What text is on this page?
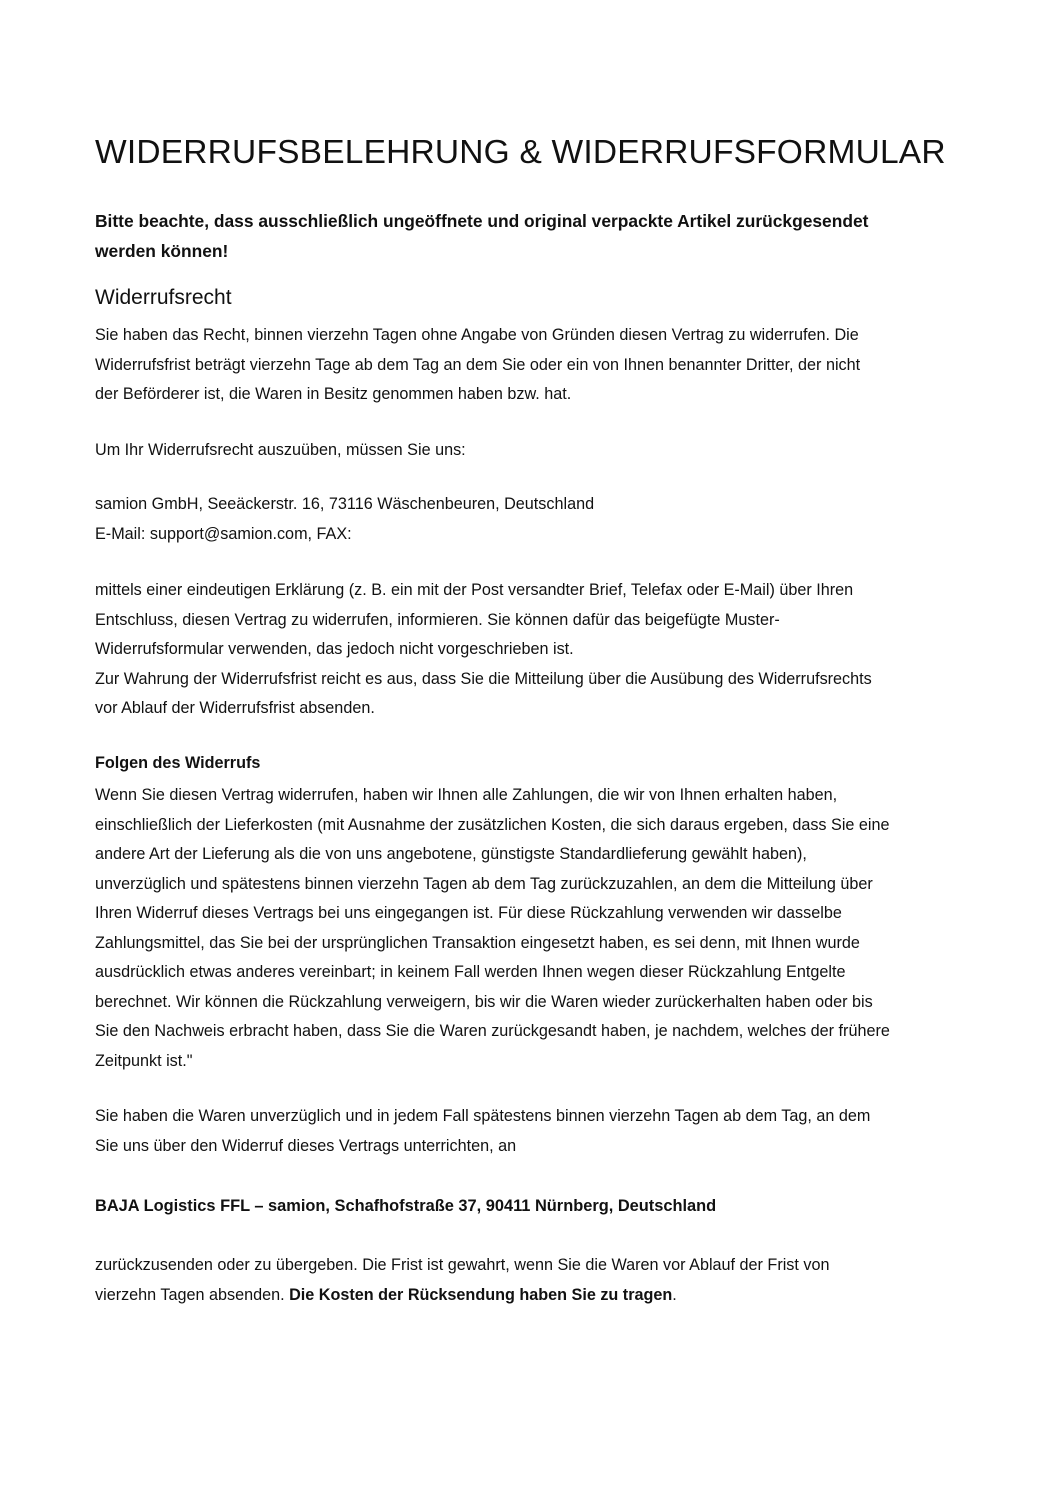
WIDERRUFSBELEHRUNG & WIDERRUFSFORMULAR

Bitte beachte, dass ausschließlich ungeöffnete und original verpackte Artikel zurückgesendet
werden können!

Widerrufsrecht

Sie haben das Recht, binnen vierzehn Tagen ohne Angabe von Gründen diesen Vertrag zu widerrufen. Die
Widerrufsfrist beträgt vierzehn Tage ab dem Tag an dem Sie oder ein von Ihnen benannter Dritter, der nicht
der Beförderer ist, die Waren in Besitz genommen haben bzw. hat.

Um Ihr Widerrufsrecht auszuüben, müssen Sie uns:

samion GmbH, Seeäckerstr. 16, 73116 Wäschenbeuren, Deutschland
E-Mail: support@samion.com, FAX:

mittels einer eindeutigen Erklärung (z. B. ein mit der Post versandter Brief, Telefax oder E-Mail) über Ihren
Entschluss, diesen Vertrag zu widerrufen, informieren. Sie können dafür das beigefügte Muster-
Widerrufsformular verwenden, das jedoch nicht vorgeschrieben ist.
Zur Wahrung der Widerrufsfrist reicht es aus, dass Sie die Mitteilung über die Ausübung des Widerrufsrechts
vor Ablauf der Widerrufsfrist absenden.

Folgen des Widerrufs

Wenn Sie diesen Vertrag widerrufen, haben wir Ihnen alle Zahlungen, die wir von Ihnen erhalten haben,
einschließlich der Lieferkosten (mit Ausnahme der zusätzlichen Kosten, die sich daraus ergeben, dass Sie eine
andere Art der Lieferung als die von uns angebotene, günstigste Standardlieferung gewählt haben),
unverzüglich und spätestens binnen vierzehn Tagen ab dem Tag zurückzuzahlen, an dem die Mitteilung über
Ihren Widerruf dieses Vertrags bei uns eingegangen ist. Für diese Rückzahlung verwenden wir dasselbe
Zahlungsmittel, das Sie bei der ursprünglichen Transaktion eingesetzt haben, es sei denn, mit Ihnen wurde
ausdrücklich etwas anderes vereinbart; in keinem Fall werden Ihnen wegen dieser Rückzahlung Entgelte
berechnet. Wir können die Rückzahlung verweigern, bis wir die Waren wieder zurückerhalten haben oder bis
Sie den Nachweis erbracht haben, dass Sie die Waren zurückgesandt haben, je nachdem, welches der frühere
Zeitpunkt ist."

Sie haben die Waren unverzüglich und in jedem Fall spätestens binnen vierzehn Tagen ab dem Tag, an dem
Sie uns über den Widerruf dieses Vertrags unterrichten, an

BAJA Logistics FFL – samion, Schafhofstraße 37, 90411 Nürnberg, Deutschland

zurückzusenden oder zu übergeben. Die Frist ist gewahrt, wenn Sie die Waren vor Ablauf der Frist von
vierzehn Tagen absenden. Die Kosten der Rücksendung haben Sie zu tragen.
